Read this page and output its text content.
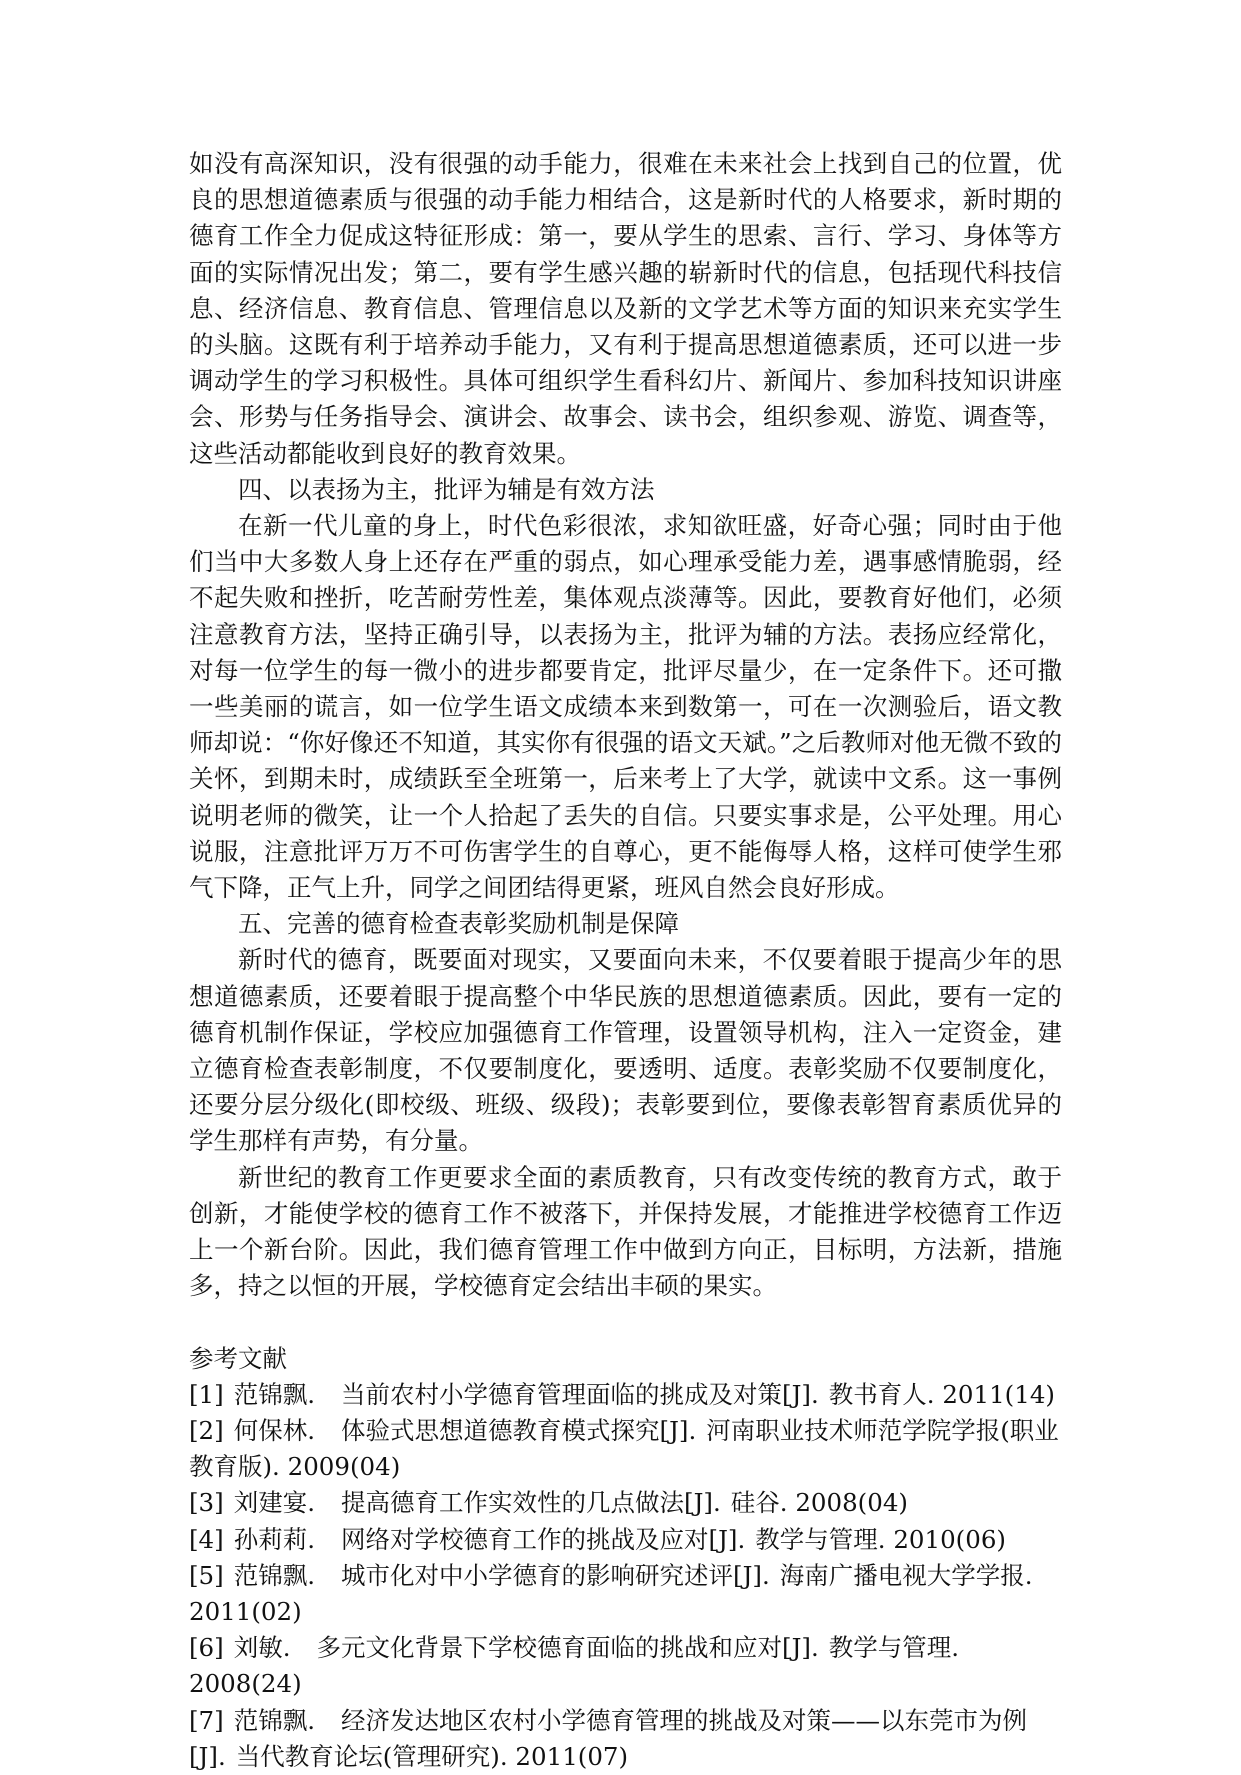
如没有高深知识，没有很强的动手能力，很难在未来社会上找到自己的位置，优良的思想道德素质与很强的动手能力相结合，这是新时代的人格要求，新时期的德育工作全力促成这特征形成：第一，要从学生的思索、言行、学习、身体等方面的实际情况出发；第二，要有学生感兴趣的崭新时代的信息，包括现代科技信息、经济信息、教育信息、管理信息以及新的文学艺术等方面的知识来充实学生的头脑。这既有利于培养动手能力，又有利于提高思想道德素质，还可以进一步调动学生的学习积极性。具体可组织学生看科幻片、新闻片、参加科技知识讲座会、形势与任务指导会、演讲会、故事会、读书会，组织参观、游览、调查等，这些活动都能收到良好的教育效果。

四、以表扬为主，批评为辅是有效方法

在新一代儿童的身上，时代色彩很浓，求知欲旺盛，好奇心强；同时由于他们当中大多数人身上还存在严重的弱点，如心理承受能力差，遇事感情脆弱，经不起失败和挫折，吃苦耐劳性差，集体观点淡薄等。因此，要教育好他们，必须注意教育方法，坚持正确引导，以表扬为主，批评为辅的方法。表扬应经常化，对每一位学生的每一微小的进步都要肯定，批评尽量少，在一定条件下。还可撒一些美丽的谎言，如一位学生语文成绩本来到数第一，可在一次测验后，语文教师却说：“你好像还不知道，其实你有很强的语文天斌。”之后教师对他无微不致的关怀，到期未时，成绩跃至全班第一，后来考上了大学，就读中文系。这一事例说明老师的微笑，让一个人拾起了丢失的自信。只要实事求是，公平处理。用心说服，注意批评万万不可伤害学生的自尊心，更不能侮辱人格，这样可使学生邪气下降，正气上升，同学之间团结得更紧，班风自然会良好形成。

五、完善的德育检查表彰奖励机制是保障

新时代的德育，既要面对现实，又要面向未来，不仅要着眼于提高少年的思想道德素质，还要着眼于提高整个中华民族的思想道德素质。因此，要有一定的德育机制作保证，学校应加强德育工作管理，设置领导机构，注入一定资金，建立德育检查表彰制度，不仅要制度化，要透明、适度。表彰奖励不仅要制度化，还要分层分级化(即校级、班级、级段)；表彰要到位，要像表彰智育素质优异的学生那样有声势，有分量。

新世纪的教育工作更要求全面的素质教育，只有改变传统的教育方式，敢于创新，才能使学校的德育工作不被落下，并保持发展，才能推进学校德育工作迈上一个新台阶。因此，我们德育管理工作中做到方向正，目标明，方法新，措施多，持之以恒的开展，学校德育定会结出丰硕的果实。

参考文献

[1] 范锦飘. 当前农村小学德育管理面临的挑成及对策[J]. 教书育人. 2011(14)

[2] 何保林. 体验式思想道德教育模式探究[J]. 河南职业技术师范学院学报(职业教育版). 2009(04)

[3] 刘建宴. 提高德育工作实效性的几点做法[J]. 硅谷. 2008(04)

[4] 孙莉莉. 网络对学校德育工作的挑战及应对[J]. 教学与管理. 2010(06)

[5] 范锦飘. 城市化对中小学德育的影响研究述评[J]. 海南广播电视大学学报. 2011(02)

[6] 刘敏. 多元文化背景下学校德育面临的挑战和应对[J]. 教学与管理. 2008(24)

[7] 范锦飘. 经济发达地区农村小学德育管理的挑战及对策——以东莞市为例[J]. 当代教育论坛(管理研究). 2011(07)
